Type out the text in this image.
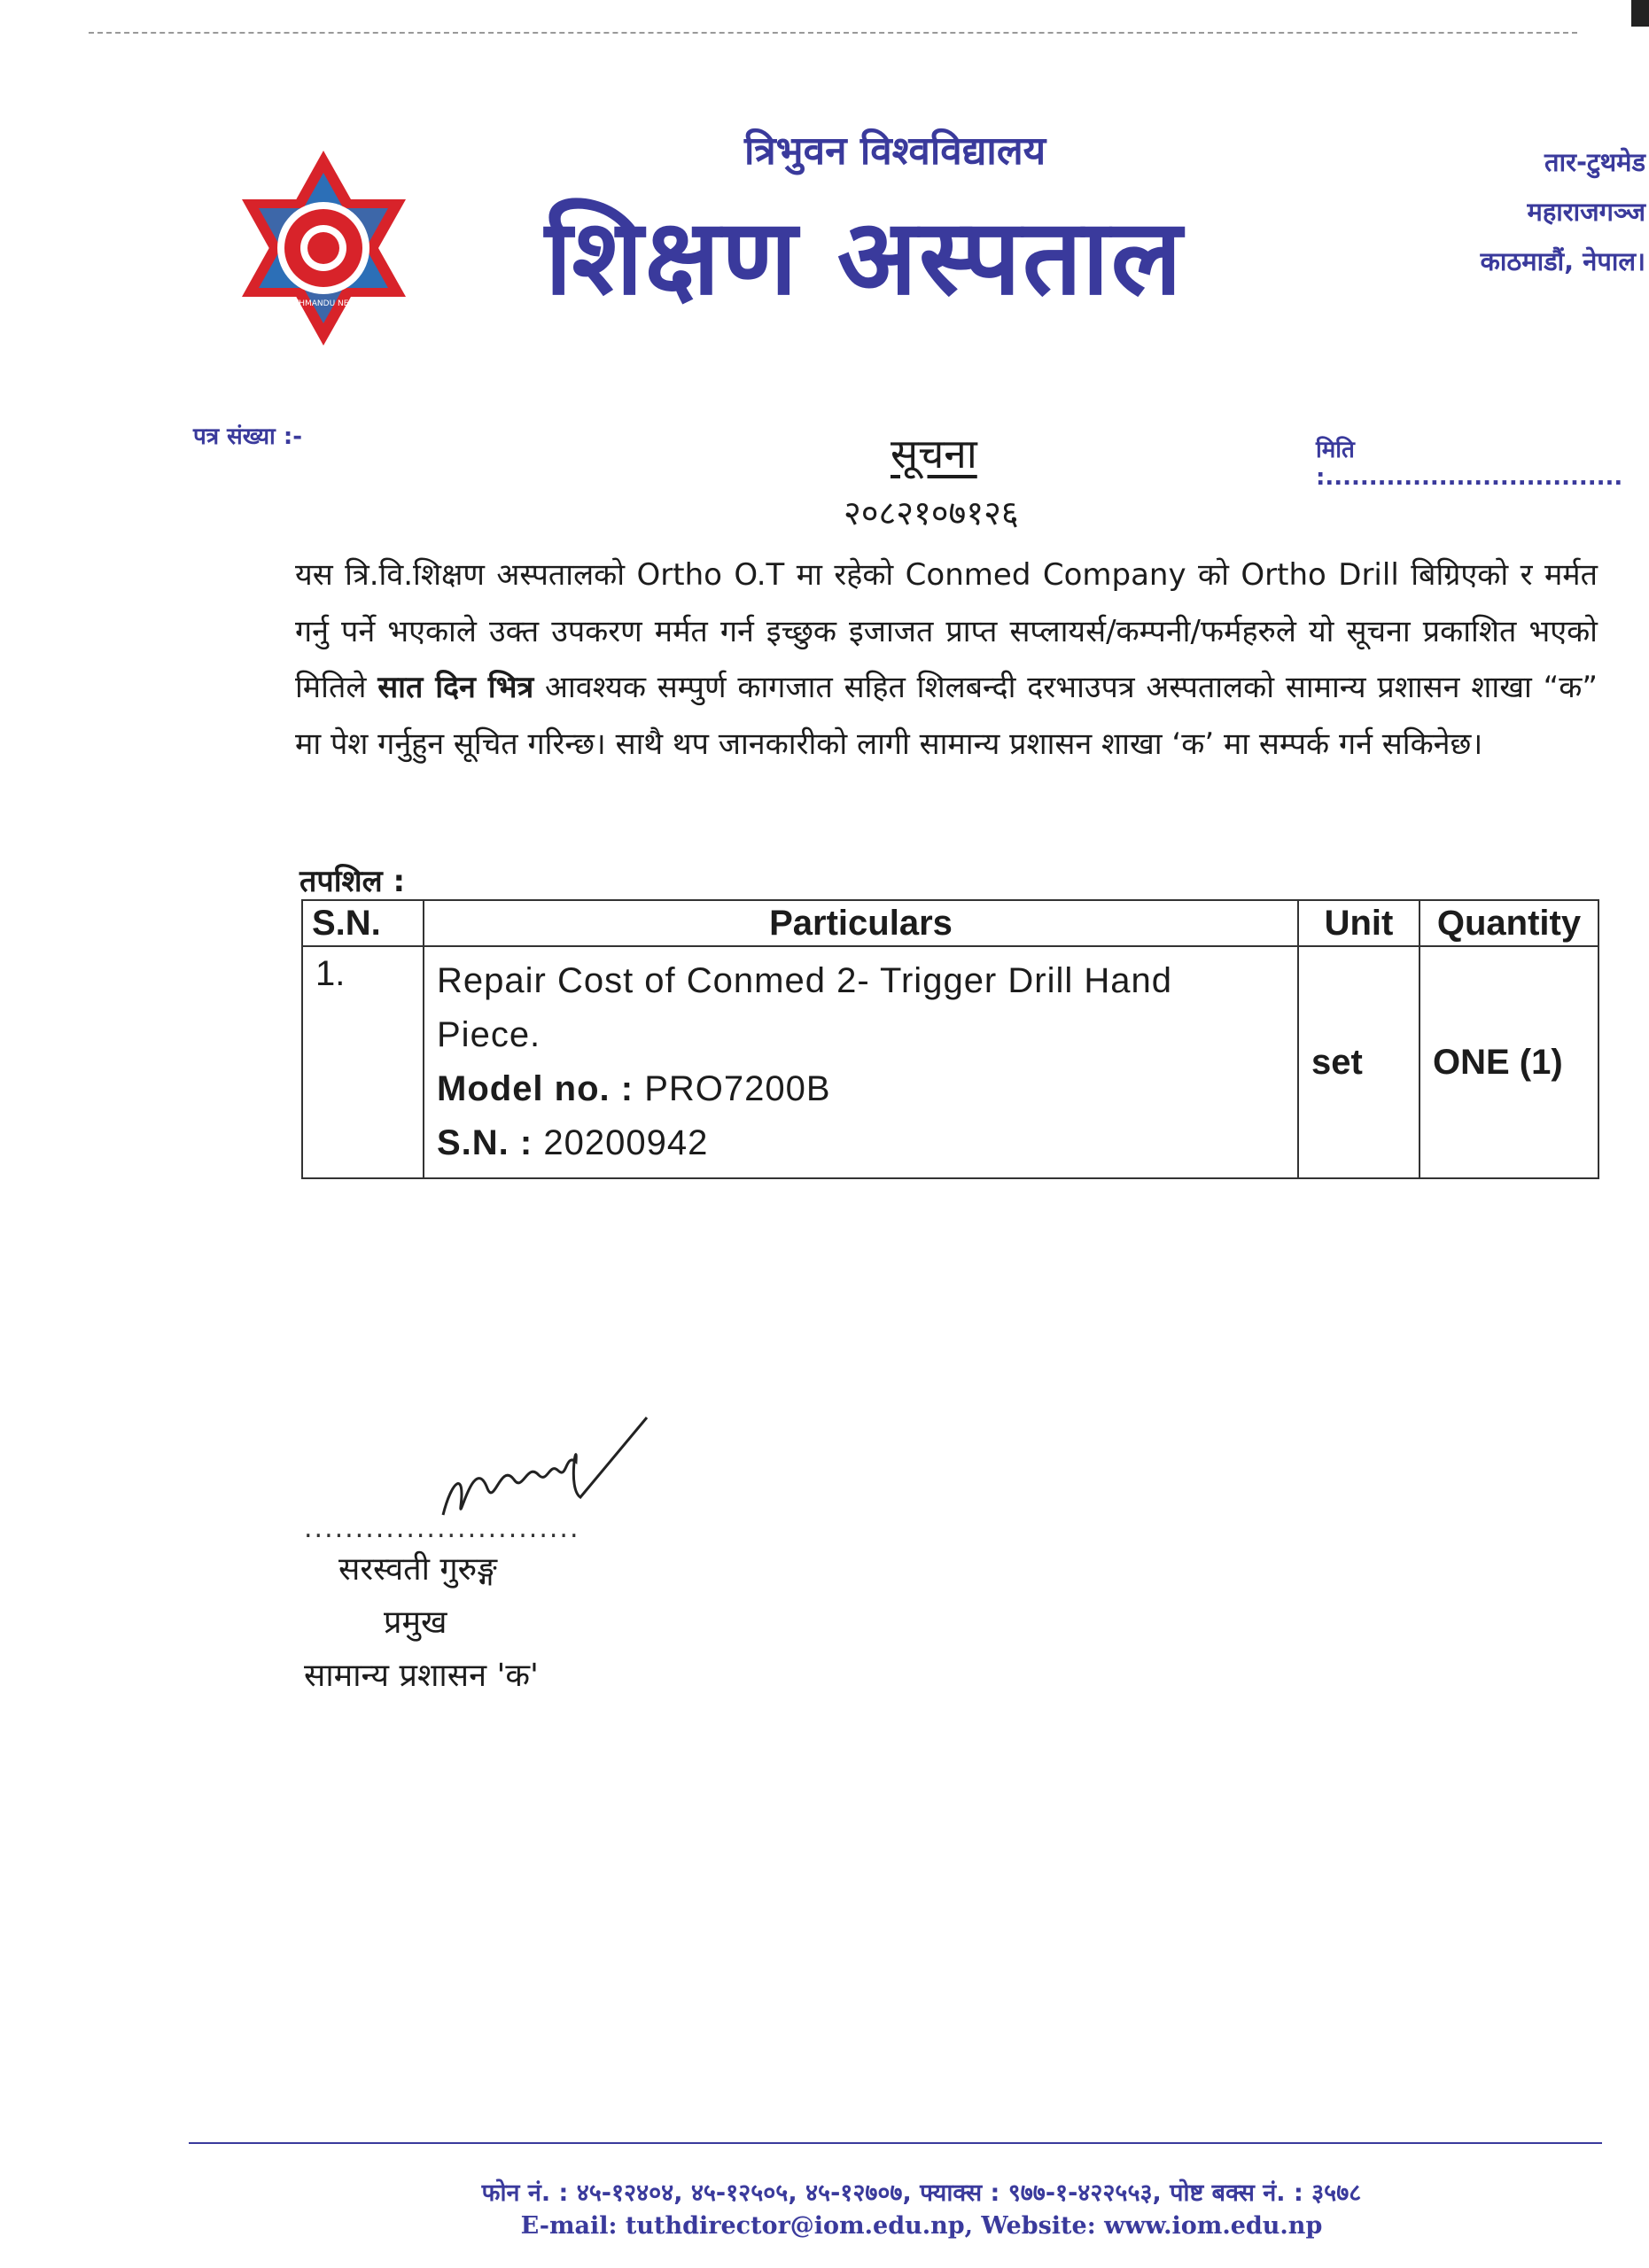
KATHMANDU NEPAL
त्रिभुवन विश्वविद्यालय
शिक्षण अस्पताल
तार-टुथमेड
महाराजगञ्ज
काठमाडौं, नेपाल।
पत्र संख्या :-	मिति :..................................
सूचना
२०८२१०७१२६
यस त्रि.वि.शिक्षण अस्पतालको Ortho O.T मा रहेको Conmed Company को Ortho Drill बिग्रिएको र मर्मत गर्नु पर्ने भएकाले उक्त उपकरण मर्मत गर्न इच्छुक इजाजत प्राप्त सप्लायर्स/कम्पनी/फर्महरुले यो सूचना प्रकाशित भएको मितिले सात दिन भित्र आवश्यक सम्पुर्ण कागजात सहित शिलबन्दी दरभाउपत्र अस्पतालको सामान्य प्रशासन शाखा “क” मा पेश गर्नुहुन सूचित गरिन्छ। साथै थप जानकारीको लागी सामान्य प्रशासन शाखा ‘क’ मा सम्पर्क गर्न सकिनेछ।
तपशिल :
S.N.	Particulars	Unit	Quantity
1.	Repair Cost of Conmed 2- Trigger Drill Hand Piece.
Model no. : PRO7200B
S.N. : 20200942	set	ONE (1)
...........................
सरस्वती गुरुङ्ग
प्रमुख
सामान्य प्रशासन 'क'
फोन नं. : ४५-१२४०४, ४५-१२५०५, ४५-१२७०७, फ्याक्स : ९७७-१-४२२५५३, पोष्ट बक्स नं. : ३५७८
E-mail: tuthdirector@iom.edu.np, Website: www.iom.edu.np
